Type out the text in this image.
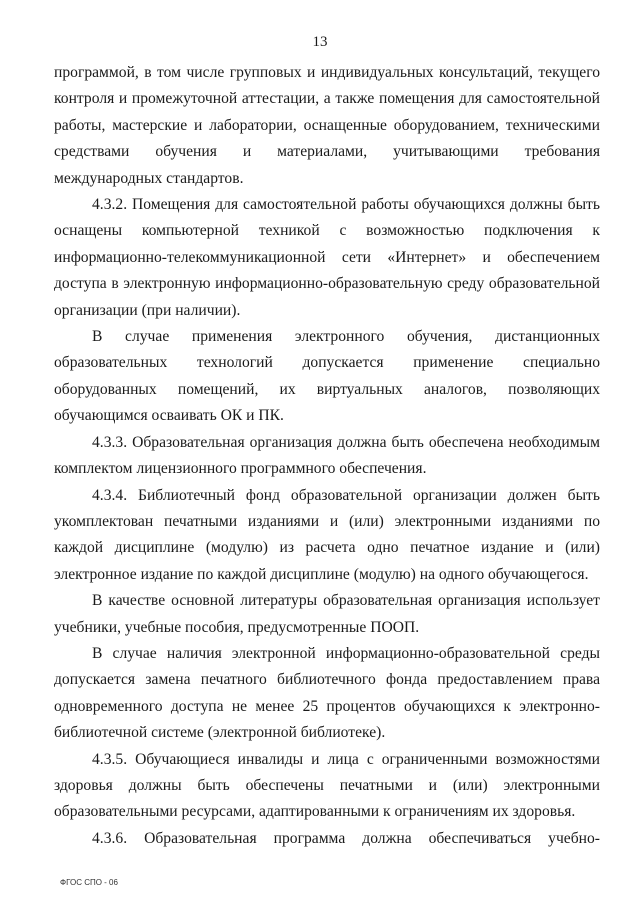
13

программой, в том числе групповых и индивидуальных консультаций, текущего контроля и промежуточной аттестации, а также помещения для самостоятельной работы, мастерские и лаборатории, оснащенные оборудованием, техническими средствами обучения и материалами, учитывающими требования международных стандартов.

4.3.2. Помещения для самостоятельной работы обучающихся должны быть оснащены компьютерной техникой с возможностью подключения к информационно-телекоммуникационной сети «Интернет» и обеспечением доступа в электронную информационно-образовательную среду образовательной организации (при наличии).

В случае применения электронного обучения, дистанционных образовательных технологий допускается применение специально оборудованных помещений, их виртуальных аналогов, позволяющих обучающимся осваивать ОК и ПК.

4.3.3. Образовательная организация должна быть обеспечена необходимым комплектом лицензионного программного обеспечения.

4.3.4. Библиотечный фонд образовательной организации должен быть укомплектован печатными изданиями и (или) электронными изданиями по каждой дисциплине (модулю) из расчета одно печатное издание и (или) электронное издание по каждой дисциплине (модулю) на одного обучающегося.

В качестве основной литературы образовательная организация использует учебники, учебные пособия, предусмотренные ПООП.

В случае наличия электронной информационно-образовательной среды допускается замена печатного библиотечного фонда предоставлением права одновременного доступа не менее 25 процентов обучающихся к электронно-библиотечной системе (электронной библиотеке).

4.3.5. Обучающиеся инвалиды и лица с ограниченными возможностями здоровья должны быть обеспечены печатными и (или) электронными образовательными ресурсами, адаптированными к ограничениям их здоровья.

4.3.6. Образовательная программа должна обеспечиваться учебно-

ФГОС СПО - 06
